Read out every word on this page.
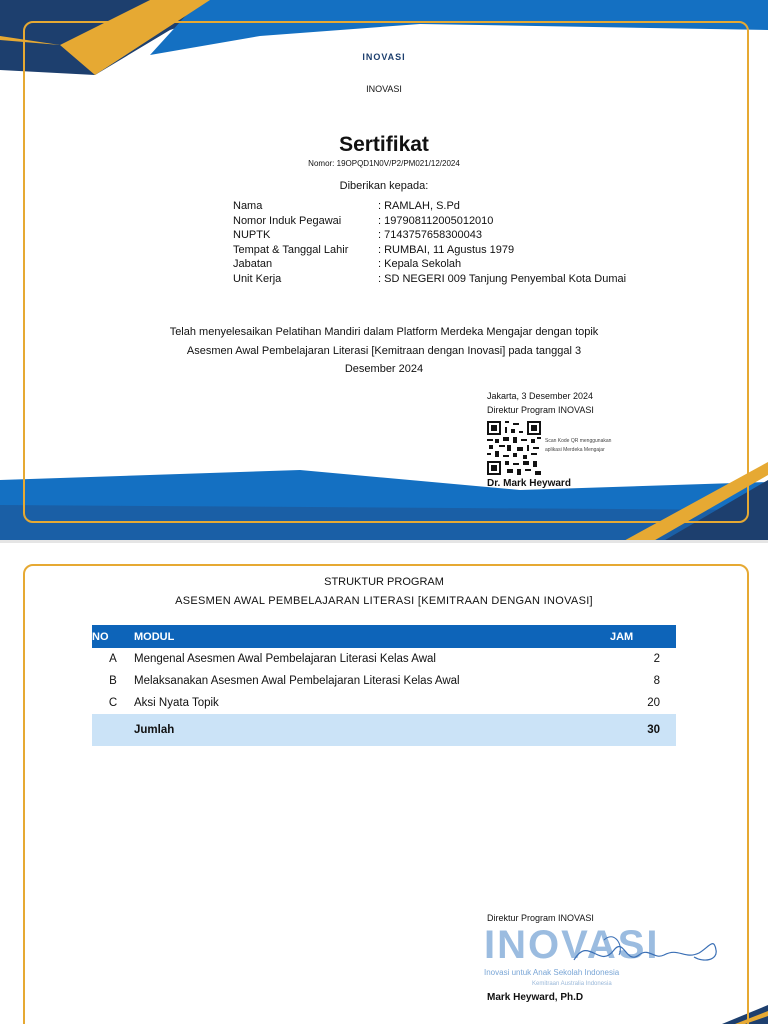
INOVASI
INOVASI
Sertifikat
Nomor: 19OPQD1N0V/P2/PM021/12/2024
Diberikan kepada:
Nama	: RAMLAH, S.Pd
Nomor Induk Pegawai	: 197908112005012010
NUPTK	: 7143757658300043
Tempat & Tanggal Lahir	: RUMBAI, 11 Agustus 1979
Jabatan	: Kepala Sekolah
Unit Kerja	: SD NEGERI 009 Tanjung Penyembal Kota Dumai
Telah menyelesaikan Pelatihan Mandiri dalam Platform Merdeka Mengajar dengan topik
Asesmen Awal Pembelajaran Literasi [Kemitraan dengan Inovasi] pada tanggal 3
Desember 2024
Jakarta, 3 Desember 2024
Direktur Program INOVASI
Scan Kode QR menggunakan
aplikasi Merdeka Mengajar
Dr. Mark Heyward
STRUKTUR PROGRAM
ASESMEN AWAL PEMBELAJARAN LITERASI [KEMITRAAN DENGAN INOVASI]
NO	MODUL	JAM
A	Mengenal Asesmen Awal Pembelajaran Literasi Kelas Awal	2
B	Melaksanakan Asesmen Awal Pembelajaran Literasi Kelas Awal	8
C	Aksi Nyata Topik	20
	Jumlah	30
Direktur Program INOVASI
INOVASI
Inovasi untuk Anak Sekolah Indonesia
Kemitraan Australia Indonesia
Mark Heyward, Ph.D
